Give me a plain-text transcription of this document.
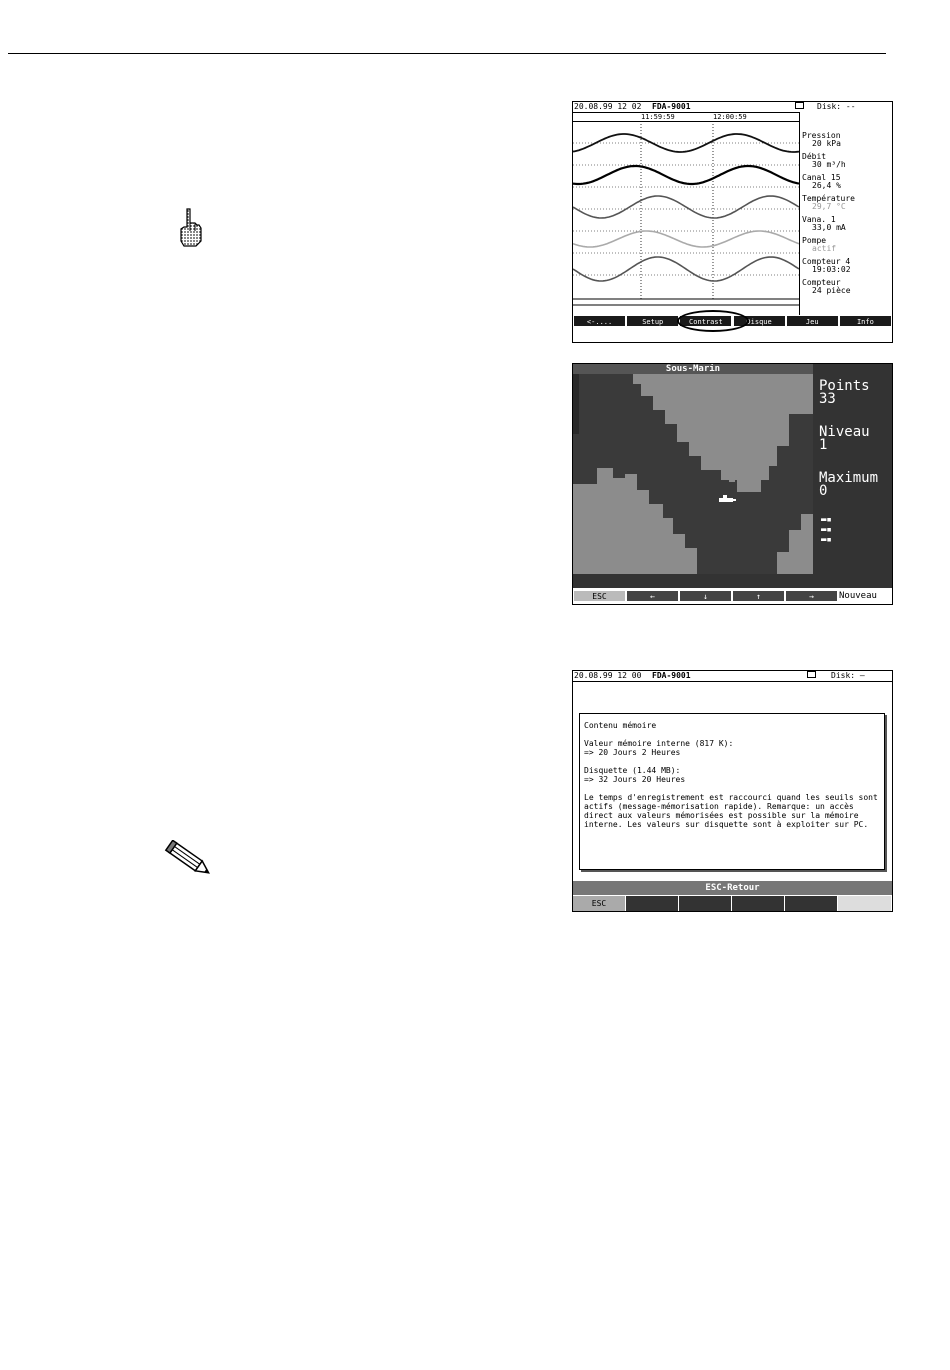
20.08.99 12 02 FDA-9001	Disk: --
11:59:59	12:00:59
Pression
20 kPa
Débit
30 m³/h
Canal 15
26,4 %
Température
29,7 °C
Vana. 1
33,0 mA
Pompe
actif
Compteur 4
19:03:02
Compteur
24 pièce
<-....	Setup	Contrast	Disque	Jeu	Info
Sous-Marin
Points
33
Niveau
1
Maximum
0
▬▪
▬▪
▬▪
Nouveau
ESC	←	↓	↑	→
20.08.99 12 00 FDA-9001	Disk: —

Contenu mémoire

Valeur mémoire interne (817 K):
=> 20 Jours 2 Heures

Disquette (1.44 MB):
=> 32 Jours 20 Heures

Le temps d'enregistrement est raccourci quand les seuils sont actifs (message-mémorisation rapide). Remarque: un accès direct aux valeurs mémorisées est possible sur la mémoire interne. Les valeurs sur disquette sont à exploiter sur PC.

ESC-Retour
ESC
